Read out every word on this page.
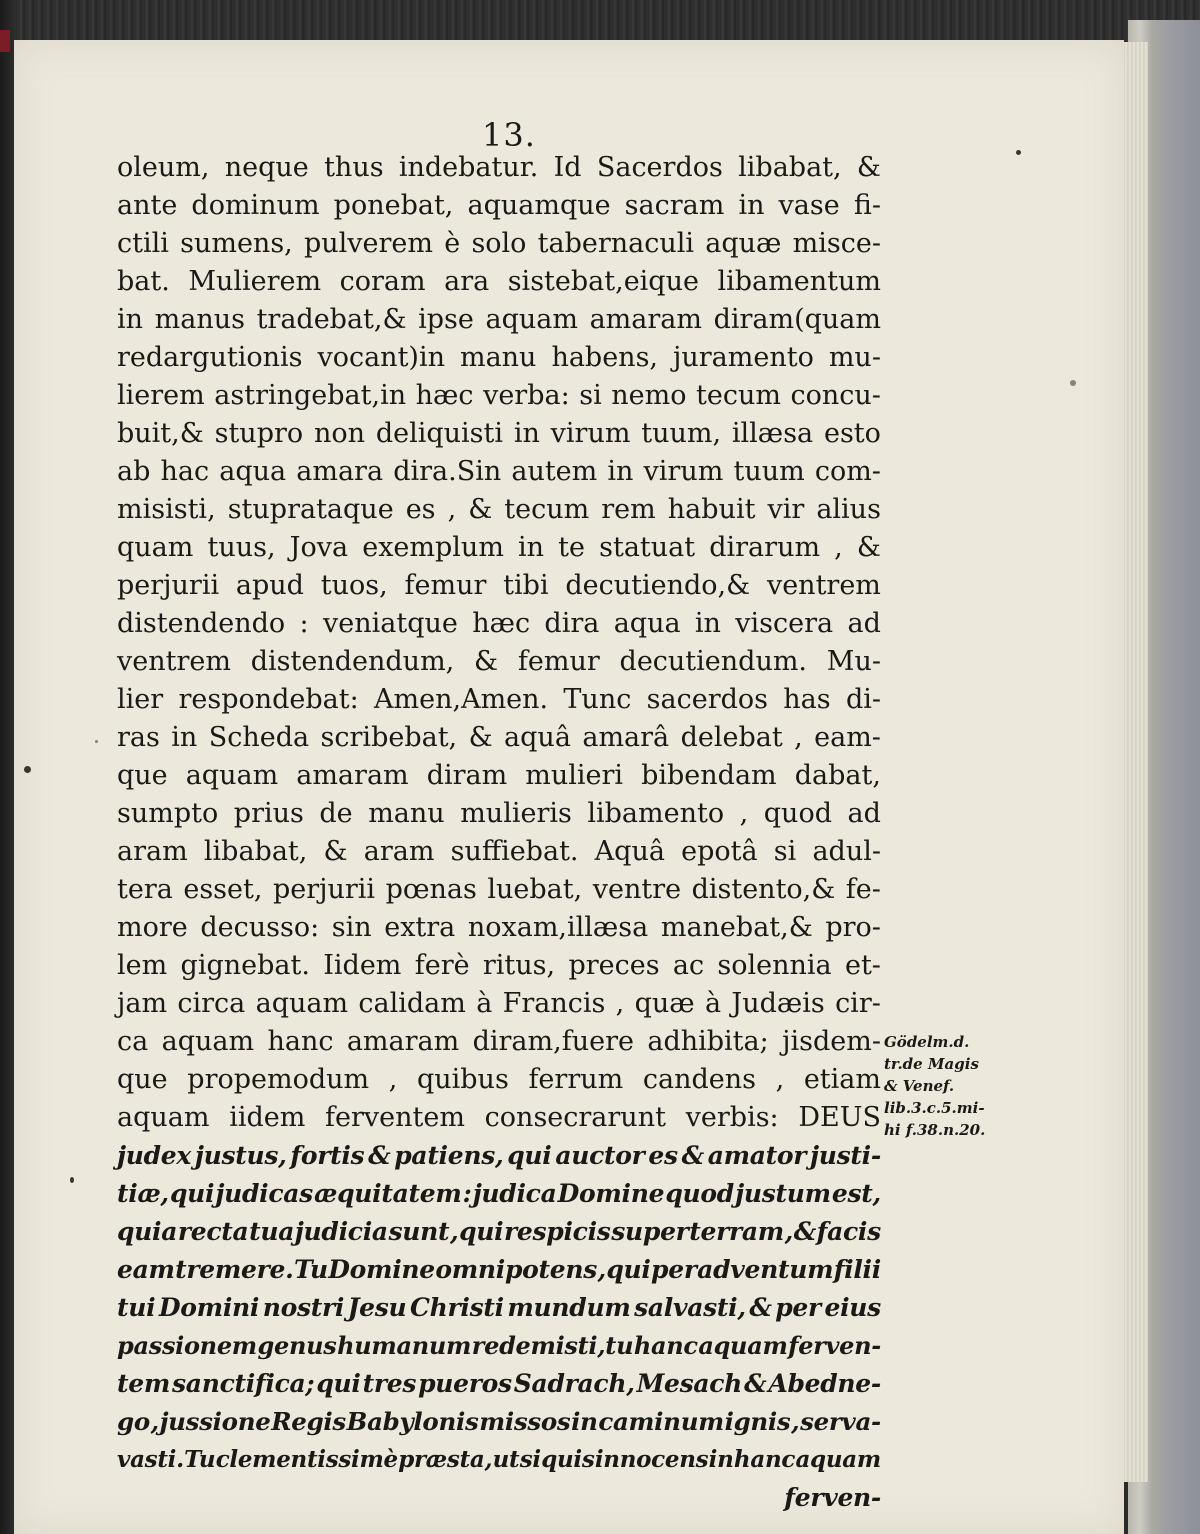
13.
oleum, neque thus indebatur. Id Sacerdos libabat, &
ante dominum ponebat, aquamque sacram in vase fi-
ctili sumens, pulverem è solo tabernaculi aquæ misce-
bat. Mulierem coram ara sistebat,eique libamentum
in manus tradebat,& ipse aquam amaram diram(quam
redargutionis vocant)in manu habens, juramento mu-
lierem astringebat,in hæc verba: si nemo tecum concu-
buit,& stupro non deliquisti in virum tuum, illæsa esto
ab hac aqua amara dira.Sin autem in virum tuum com-
misisti, stuprataque es , & tecum rem habuit vir alius
quam tuus, Jova exemplum in te statuat dirarum , &
perjurii apud tuos, femur tibi decutiendo,& ventrem
distendendo : veniatque hæc dira aqua in viscera ad
ventrem distendendum, & femur decutiendum. Mu-
lier respondebat: Amen,Amen. Tunc sacerdos has di-
ras in Scheda scribebat, & aquâ amarâ delebat , eam-
que aquam amaram diram mulieri bibendam dabat,
sumpto prius de manu mulieris libamento , quod ad
aram libabat, & aram suffiebat. Aquâ epotâ si adul-
tera esset, perjurii pœnas luebat, ventre distento,& fe-
more decusso: sin extra noxam,illæsa manebat,& pro-
lem gignebat. Iidem ferè ritus, preces ac solennia et-
jam circa aquam calidam à Francis , quæ à Judæis cir-
ca aquam hanc amaram diram,fuere adhibita; jisdem-
que propemodum , quibus ferrum candens , etiam
aquam iidem ferventem consecrarunt verbis: DEUS
judex justus, fortis & patiens, qui auctor es & amator justi-
tiæ, qui judicas æquitatem : judica Domine quod justum est,
quia recta tua judicia sunt , qui respicis super terram , & facis
eam tremere. Tu Domine omnipotens , qui per adventum filii
tui Domini nostri Jesu Christi mundum salvasti, & per eius
passionem genus humanum redemisti,tu hanc aquam ferven-
tem sanctifica; qui tres pueros Sadrach, Mesach & Abedne-
go , jussione Regis Babylonis missos in caminum ignis , serva-
vasti. Tu clementissimè præsta, ut si quis innocens in hanc aquam
ferven-
Gödelm.d.
tr.de Magis
& Venef.
lib.3.c.5.mi-
hi f.38.n.20.
